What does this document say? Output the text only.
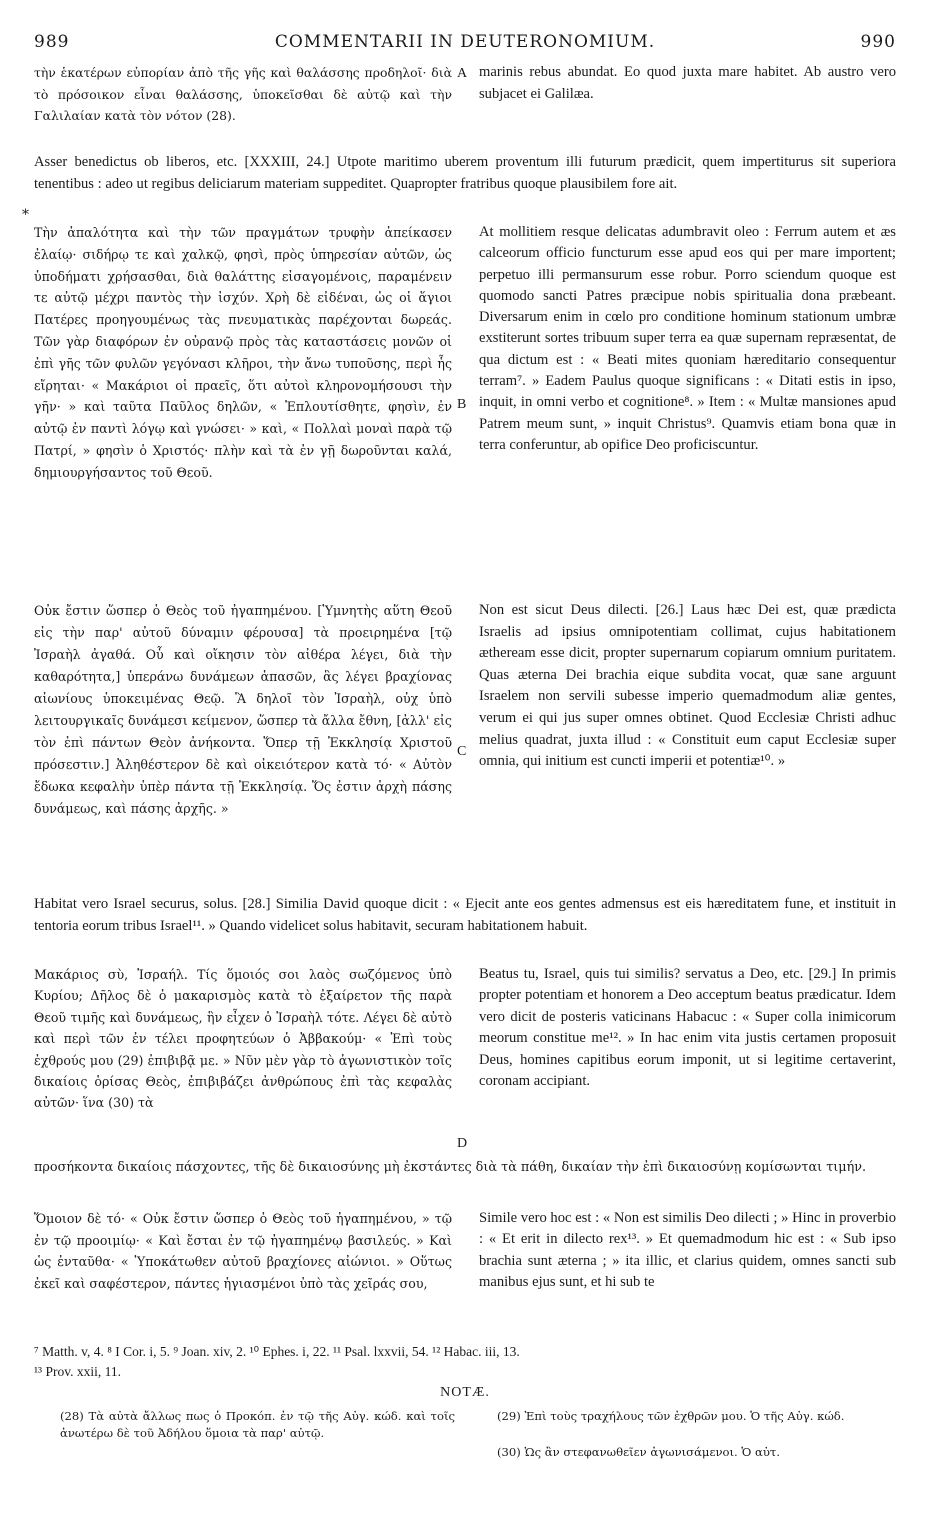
989	COMMENTARII IN DEUTERONOMIUM.	990

τὴν ἑκατέρων εὐπορίαν ἀπὸ τῆς γῆς καὶ θαλάσσης προδηλοῖ· διὰ τὸ πρόσοικον εἶναι θαλάσσης, ὑποκεῖσθαι δὲ αὐτῷ καὶ τὴν Γαλιλαίαν κατὰ τὸν νότον (28).

A marinis rebus abundat. Eo quod juxta mare habitet. Ab austro vero subjacet ei Galilæa.

Asser benedictus ob liberos, etc. [XXXIII, 24.] Utpote maritimo uberem proventum illi futurum prædicit, quem impertiturus sit superiora tenentibus : adeo ut regibus deliciarum materiam suppeditet. Quapropter fratribus quoque plausibilem fore ait.

*

Τὴν ἁπαλότητα καὶ τὴν τῶν πραγμάτων τρυφὴν ἀπείκασεν ἐλαίῳ· σιδήρῳ τε καὶ χαλκῷ, φησὶ, πρὸς ὑπηρεσίαν αὐτῶν, ὡς ὑποδήματι χρήσασθαι, διὰ θαλάττης εἰσαγομένοις, παραμένειν τε αὐτῷ μέχρι παντὸς τὴν ἰσχύν. Χρὴ δὲ εἰδέναι, ὡς οἱ ἅγιοι Πατέρες προηγουμένως τὰς πνευματικὰς παρέχονται δωρεάς. Τῶν γὰρ διαφόρων ἐν οὐρανῷ πρὸς τὰς καταστάσεις μονῶν οἱ ἐπὶ γῆς τῶν φυλῶν γεγόνασι κλῆροι, τὴν ἄνω τυποῦσης, περὶ ἧς εἴρηται· « Μακάριοι οἱ πραεῖς, ὅτι αὐτοὶ κληρονομήσουσι τὴν γῆν· » καὶ ταῦτα Παῦλος δηλῶν, « Ἐπλουτίσθητε, φησὶν, ἐν αὐτῷ ἐν παντὶ λόγῳ καὶ γνώσει· » καὶ, « Πολλαὶ μοναὶ παρὰ τῷ Πατρί, » φησὶν ὁ Χριστός· πλὴν καὶ τὰ ἐν γῇ δωροῦνται καλά, δημιουργήσαντος τοῦ Θεοῦ.

B

At mollitiem resque delicatas adumbravit oleo : Ferrum autem et æs calceorum officio functurum esse apud eos qui per mare importent; perpetuo illi permansurum esse robur. Porro sciendum quoque est quomodo sancti Patres præcipue nobis spiritualia dona præbeant. Diversarum enim in cœlo pro conditione hominum stationum umbræ exstiterunt sortes tribuum super terra ea quæ supernam repræsentat, de qua dictum est : « Beati mites quoniam hæreditario consequentur terram⁷. » Eadem Paulus quoque significans : « Ditati estis in ipso, inquit, in omni verbo et cognitione⁸. » Item : « Multæ mansiones apud Patrem meum sunt, » inquit Christus⁹. Quamvis etiam bona quæ in terra conferuntur, ab opifice Deo proficiscuntur.

Οὐκ ἔστιν ὥσπερ ὁ Θεὸς τοῦ ἠγαπημένου. [Ὑμνητὴς αὕτη Θεοῦ εἰς τὴν παρ' αὐτοῦ δύναμιν φέρουσα] τὰ προειρημένα [τῷ Ἰσραὴλ ἀγαθά. Οὗ καὶ οἴκησιν τὸν αἰθέρα λέγει, διὰ τὴν καθαρότητα,] ὑπεράνω δυνάμεων ἁπασῶν, ἃς λέγει βραχίονας αἰωνίους ὑποκειμένας Θεῷ. Ἃ δηλοῖ τὸν Ἰσραὴλ, οὐχ ὑπὸ λειτουργικαῖς δυνάμεσι κείμενον, ὥσπερ τὰ ἄλλα ἔθνη, [ἀλλ' εἰς τὸν ἐπὶ πάντων Θεὸν ἀνήκοντα. Ὅπερ τῇ Ἐκκλησίᾳ Χριστοῦ πρόσεστιν.] Ἀληθέστερον δὲ καὶ οἰκειότερον κατὰ τό· « Αὐτὸν ἔδωκα κεφαλὴν ὑπὲρ πάντα τῇ Ἐκκλησίᾳ. Ὅς ἐστιν ἀρχὴ πάσης δυνάμεως, καὶ πάσης ἀρχῆς. »

C

Non est sicut Deus dilecti. [26.] Laus hæc Dei est, quæ prædicta Israelis ad ipsius omnipotentiam collimat, cujus habitationem ætheream esse dicit, propter supernarum copiarum omnium puritatem. Quas æterna Dei brachia eique subdita vocat, quæ sane arguunt Israelem non servili subesse imperio quemadmodum aliæ gentes, verum ei qui jus super omnes obtinet. Quod Ecclesiæ Christi adhuc melius quadrat, juxta illud : « Constituit eum caput Ecclesiæ super omnia, qui initium est cuncti imperii et potentiæ¹⁰. »

Habitat vero Israel securus, solus. [28.] Similia David quoque dicit : « Ejecit ante eos gentes admensus est eis hæreditatem fune, et instituit in tentoria eorum tribus Israel¹¹. » Quando videlicet solus habitavit, securam habitationem habuit.

Μακάριος σὺ, Ἰσραήλ. Τίς ὅμοιός σοι λαὸς σωζόμενος ὑπὸ Κυρίου; Δῆλος δὲ ὁ μακαρισμὸς κατὰ τὸ ἐξαίρετον τῆς παρὰ Θεοῦ τιμῆς καὶ δυνάμεως, ἣν εἶχεν ὁ Ἰσραὴλ τότε. Λέγει δὲ αὐτὸ καὶ περὶ τῶν ἐν τέλει προφητεύων ὁ Ἀββακούμ· « Ἐπὶ τοὺς ἐχθρούς μου (29) ἐπιβιβᾷ με. » Νῦν μὲν γὰρ τὸ ἀγωνιστικὸν τοῖς δικαίοις ὁρίσας Θεὸς, ἐπιβιβάζει ἀνθρώπους ἐπὶ τὰς κεφαλὰς αὐτῶν· ἵνα (30) τὰ

D

Beatus tu, Israel, quis tui similis? servatus a Deo, etc. [29.] In primis propter potentiam et honorem a Deo acceptum beatus prædicatur. Idem vero dicit de posteris vaticinans Habacuc : « Super colla inimicorum meorum constitue me¹². » In hac enim vita justis certamen proposuit Deus, homines capitibus eorum imponit, ut si legitime certaverint, coronam accipiant.

προσήκοντα δικαίοις πάσχοντες, τῆς δὲ δικαιοσύνης μὴ ἐκστάντες διὰ τὰ πάθη, δικαίαν τὴν ἐπὶ δικαιοσύνῃ κομίσωνται τιμήν.

Ὅμοιον δὲ τό· « Οὐκ ἔστιν ὥσπερ ὁ Θεὸς τοῦ ἠγαπημένου, » τῷ ἐν τῷ προοιμίῳ· « Καὶ ἔσται ἐν τῷ ἠγαπημένῳ βασιλεύς. » Καὶ ὡς ἐνταῦθα· « Ὑποκάτωθεν αὐτοῦ βραχίονες αἰώνιοι. » Οὕτως ἐκεῖ καὶ σαφέστερον, πάντες ἡγιασμένοι ὑπὸ τὰς χεῖράς σου,

Simile vero hoc est : « Non est similis Deo dilecti ; » Hinc in proverbio : « Et erit in dilecto rex¹³. » Et quemadmodum hic est : « Sub ipso brachia sunt æterna ; » ita illic, et clarius quidem, omnes sancti sub manibus ejus sunt, et hi sub te

⁷ Matth. v, 4. ⁸ I Cor. i, 5. ⁹ Joan. xiv, 2. ¹⁰ Ephes. i, 22. ¹¹ Psal. lxxvii, 54. ¹² Habac. iii, 13.
¹³ Prov. xxii, 11.
NOTÆ.

(28) Τὰ αὐτὰ ἄλλως πως ὁ Προκόπ. ἐν τῷ τῆς Αὐγ. κώδ. καὶ τοῖς ἀνωτέρω δὲ τοῦ Ἀδήλου ὅμοια τὰ παρ' αὐτῷ.

(29) Ἐπὶ τοὺς τραχήλους τῶν ἐχθρῶν μου. Ὁ τῆς Αὐγ. κώδ.

(30) Ὡς ἂν στεφανωθεῖεν ἀγωνισάμενοι. Ὁ αὐτ.
